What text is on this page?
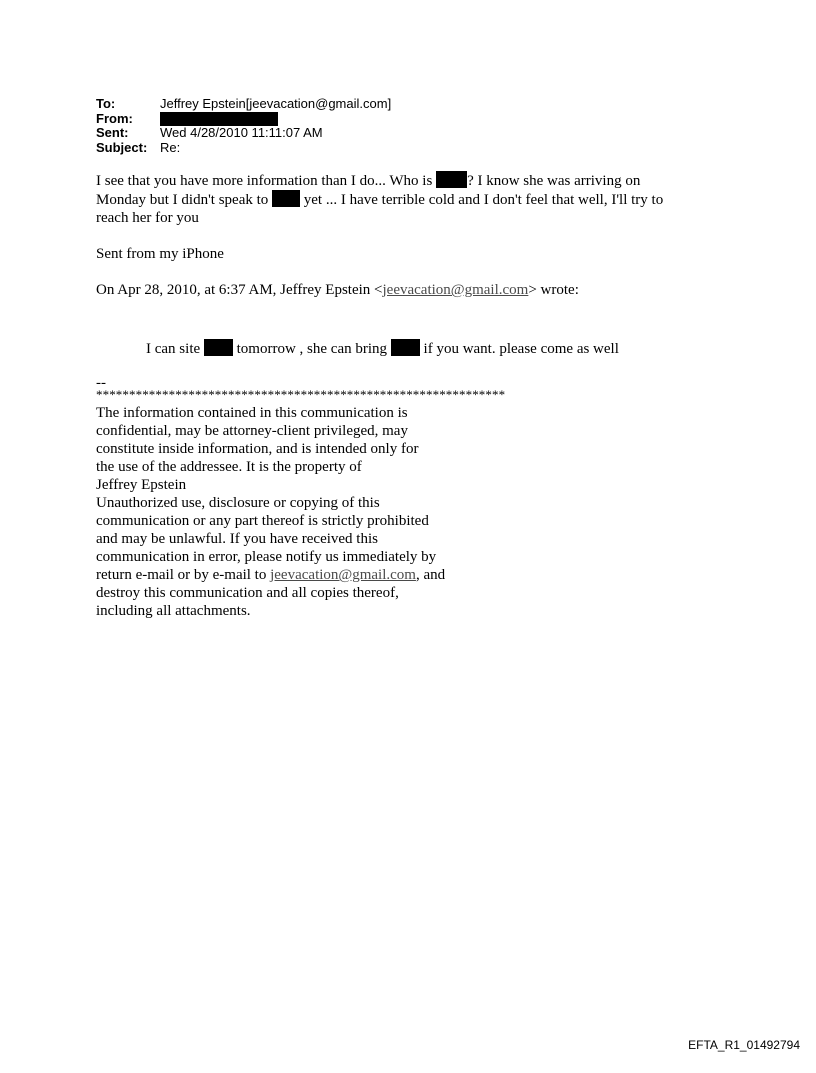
To:	Jeffrey Epstein[jeevacation@gmail.com]
From:
Sent:	Wed 4/28/2010 11:11:07 AM
Subject: Re:

I see that you have more information than I do... Who is ? I know she was arriving on
Monday but I didn't speak to  yet ... I have terrible cold and I don't feel that well, I'll try to
reach her for you

Sent from my iPhone

On Apr 28, 2010, at 6:37 AM, Jeffrey Epstein <jeevacation@gmail.com> wrote:

I can site  tomorrow , she can bring  if you want. please come as well
--
**************************************************************
The information contained in this communication is
confidential, may be attorney-client privileged, may
constitute inside information, and is intended only for
the use of the addressee. It is the property of
Jeffrey Epstein
Unauthorized use, disclosure or copying of this
communication or any part thereof is strictly prohibited
and may be unlawful. If you have received this
communication in error, please notify us immediately by
return e-mail or by e-mail to jeevacation@gmail.com, and
destroy this communication and all copies thereof,
including all attachments.
EFTA_R1_01492794
